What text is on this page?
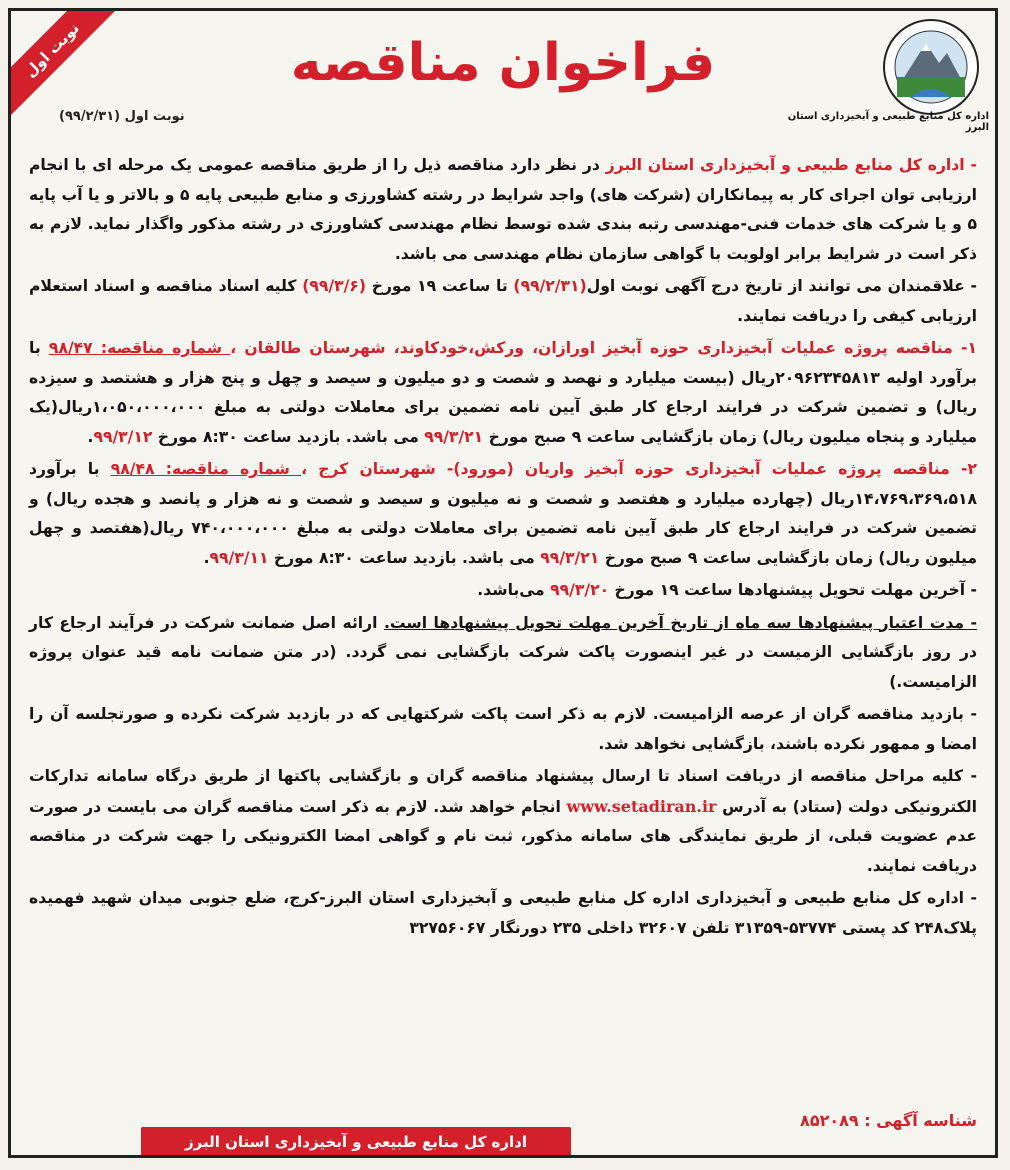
نوبت اول
اداره کل منابع طبیعی و آبخیزداری استان البرز
فراخوان مناقصه
نوبت اول (۹۹/۲/۳۱)

- اداره کل منابع طبیعی و آبخیزداری استان البرز در نظر دارد مناقصه ذیل را از طریق مناقصه عمومی یک مرحله ای با انجام ارزیابی توان اجرای کار به پیمانکاران (شرکت های) واجد شرایط در رشته کشاورزی و منابع طبیعی پایه ۵ و بالاتر و یا آب پایه ۵ و یا شرکت های خدمات فنی-مهندسی رتبه بندی شده توسط نظام مهندسی کشاورزی در رشته مذکور واگذار نماید. لازم به ذکر است در شرایط برابر اولویت با گواهی سازمان نظام مهندسی می باشد.

- علاقمندان می توانند از تاریخ درج آگهی نوبت اول(۹۹/۲/۳۱) تا ساعت ۱۹ مورخ (۹۹/۳/۶) کلیه اسناد مناقصه و اسناد استعلام ارزیابی کیفی را دریافت نمایند.

۱- مناقصه پروژه عملیات آبخیزداری حوزه آبخیز اورازان، ورکش،خودکاوند، شهرستان طالقان ، شماره مناقصه: ۹۸/۴۷ با برآورد اولیه ۲۰۹۶۲۳۴۵۸۱۳ریال (بیست میلیارد و نهصد و شصت و دو میلیون و سیصد و چهل و پنج هزار و هشتصد و سیزده ریال) و تضمین شرکت در فرایند ارجاع کار طبق آیین نامه تضمین برای معاملات دولتی به مبلغ ۱،۰۵۰،۰۰۰،۰۰۰ریال(یک میلیارد و پنجاه میلیون ریال) زمان بازگشایی ساعت ۹ صبح مورخ ۹۹/۳/۲۱ می باشد. بازدید ساعت ۸:۳۰ مورخ ۹۹/۳/۱۲.

۲- مناقصه پروژه عملیات آبخیزداری حوزه آبخیز واریان (مورود)- شهرستان کرج ، شماره مناقصه: ۹۸/۴۸ با برآورد ۱۴،۷۶۹،۳۶۹،۵۱۸ریال (چهارده میلیارد و هفتصد و شصت و نه میلیون و سیصد و شصت و نه هزار و پانصد و هجده ریال) و تضمین شرکت در فرایند ارجاع کار طبق آیین نامه تضمین برای معاملات دولتی به مبلغ ۷۴۰،۰۰۰،۰۰۰ ریال(هفتصد و چهل میلیون ریال) زمان بازگشایی ساعت ۹ صبح مورخ ۹۹/۳/۲۱ می باشد. بازدید ساعت ۸:۳۰ مورخ ۹۹/۳/۱۱.

- آخرین مهلت تحویل پیشنهادها ساعت ۱۹ مورخ ۹۹/۳/۲۰ می‌باشد.

- مدت اعتبار پیشنهادها سه ماه از تاریخ آخرین مهلت تحویل پیشنهادها است. ارائه اصل ضمانت شرکت در فرآیند ارجاع کار در روز بازگشایی الزمیست در غیر اینصورت پاکت شرکت بازگشایی نمی گردد. (در متن ضمانت نامه قید عنوان پروژه الزامیست.)

- بازدید مناقصه گران از عرصه الزامیست. لازم به ذکر است پاکت شرکتهایی که در بازدید شرکت نکرده و صورتجلسه آن را امضا و ممهور نکرده باشند، بازگشایی نخواهد شد.

- کلیه مراحل مناقصه از دریافت اسناد تا ارسال پیشنهاد مناقصه گران و بازگشایی پاکتها از طریق درگاه سامانه تدارکات الکترونیکی دولت (ستاد) به آدرس www.setadiran.ir انجام خواهد شد. لازم به ذکر است مناقصه گران می بایست در صورت عدم عضویت قبلی، از طریق نمایندگی های سامانه مذکور، ثبت نام و گواهی امضا الکترونیکی را جهت شرکت در مناقصه دریافت نمایند.

- اداره کل منابع طبیعی و آبخیزداری اداره کل منابع طبیعی و آبخیزداری استان البرز-کرج، ضلع جنوبی میدان شهید فهمیده پلاک۲۴۸ کد پستی ۵۳۷۷۴-۳۱۳۵۹ تلفن ۳۲۶۰۷ داخلی ۲۳۵ دورنگار ۳۲۷۵۶۰۶۷

شناسه آگهی : ۸۵۲۰۸۹
اداره کل منابع طبیعی و آبخیزداری استان البرز
